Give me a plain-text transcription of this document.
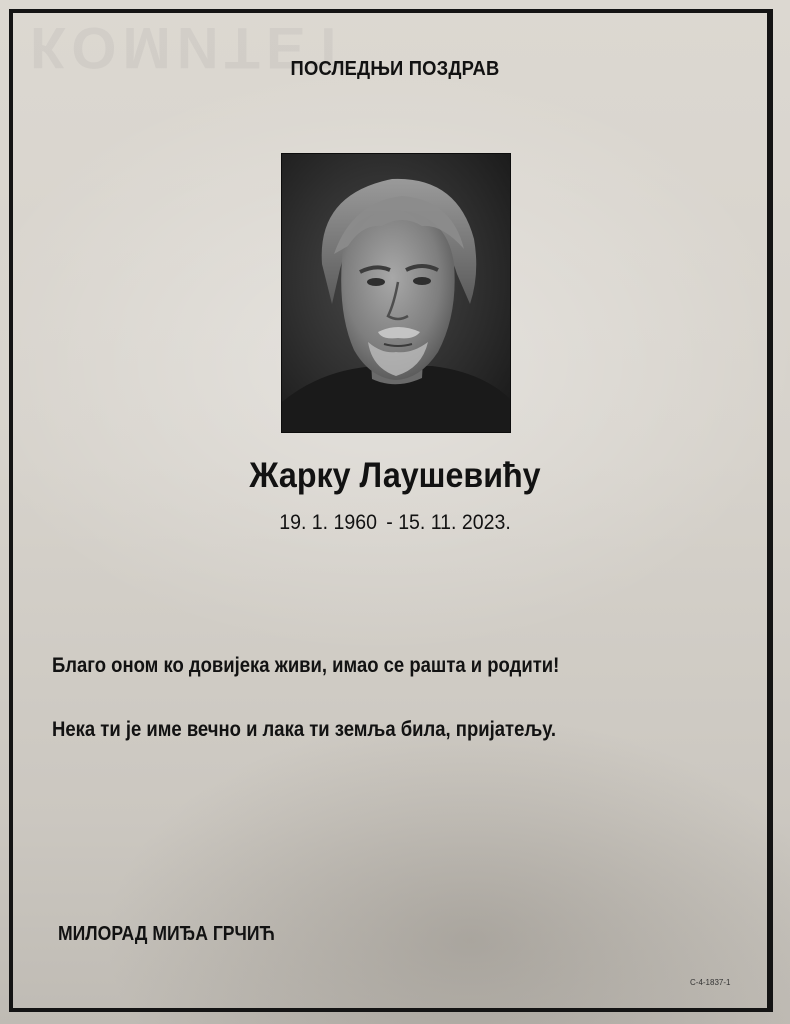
КОМИТЕТ
ПОСЛЕДЊИ ПОЗДРАВ
Жарку Лаушевићу
19. 1. 1960 - 15. 11. 2023.
Благо оном ко довијека живи, имао се рашта и родити!
Нека ти је име вечно и лака ти земља била, пријатељу.
МИЛОРАД МИЂА ГРЧИЋ
С-4-1837-1
